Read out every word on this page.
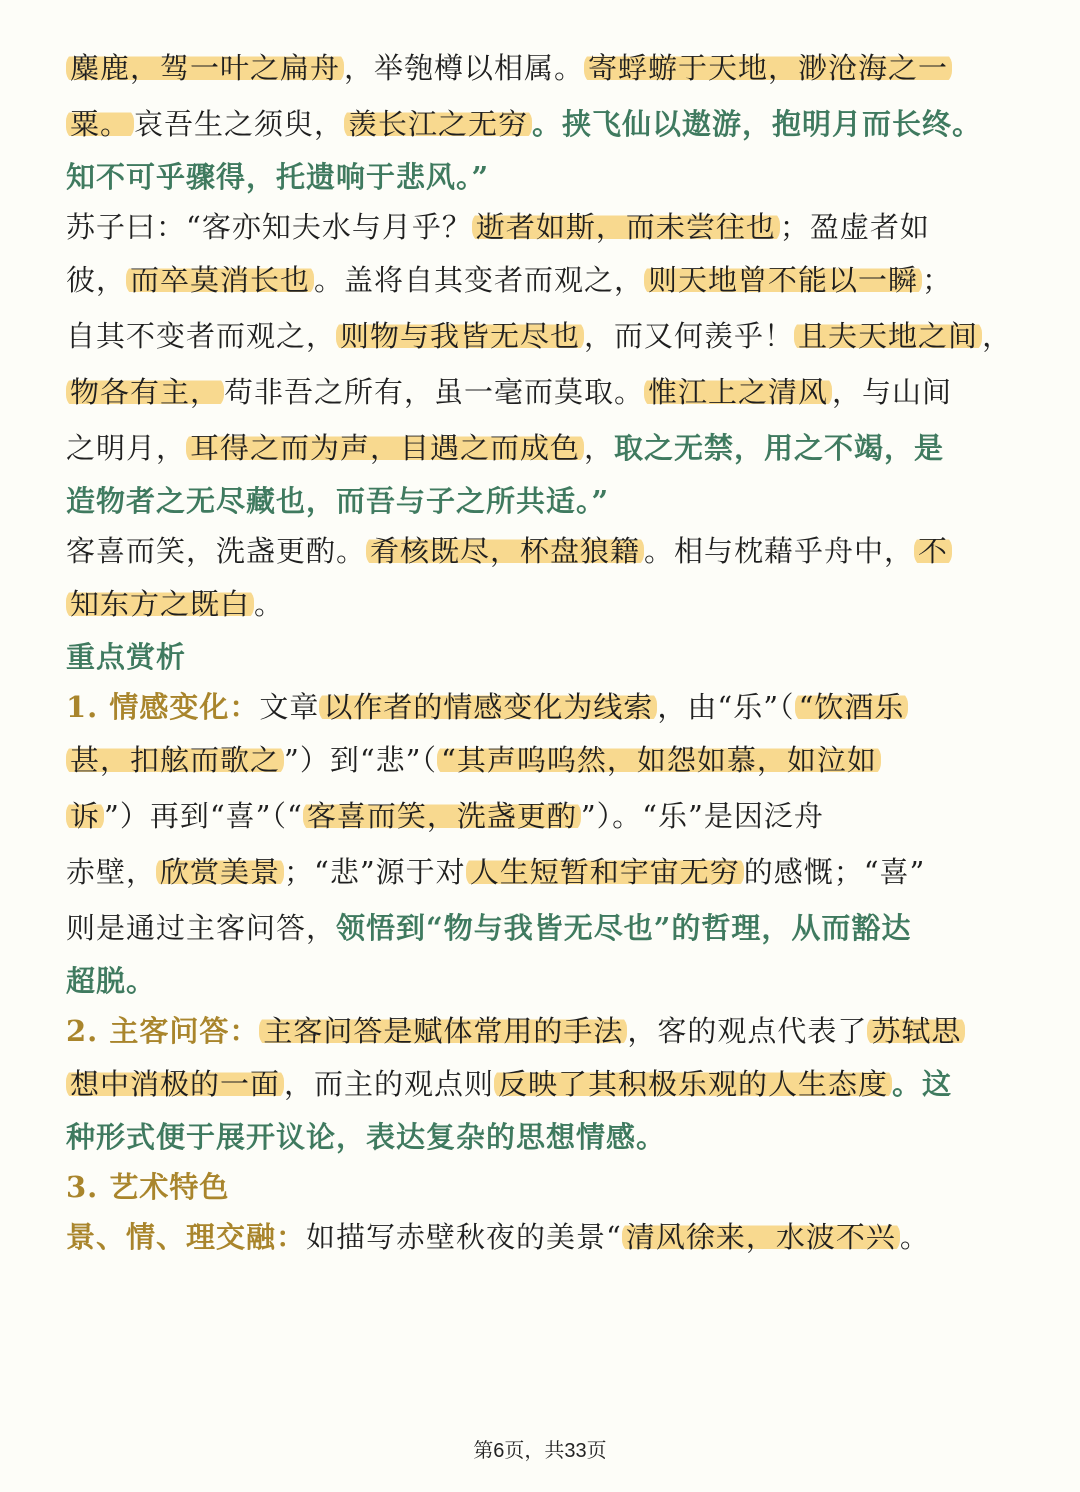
麋鹿，驾一叶之扁舟 ，举匏樽以相属。 寄蜉蝣于天地，渺沧海之一
粟。 哀吾生之须臾， 羡长江之无穷 。挟飞仙以遨游，抱明月而长终。
知不可乎骤得，托遗响于悲风。”
苏子曰：“客亦知夫水与月乎？ 逝者如斯，而未尝往也 ；盈虚者如
彼， 而卒莫消长也 。盖将自其变者而观之， 则天地曾不能以一瞬 ；
自其不变者而观之， 则物与我皆无尽也 ，而又何羡乎！ 且夫天地之间 ，
物各有主， 苟非吾之所有，虽一毫而莫取。 惟江上之清风 ，与山间
之明月， 耳得之而为声，目遇之而成色 ，取之无禁，用之不竭，是
造物者之无尽藏也，而吾与子之所共适。”
客喜而笑，洗盏更酌。 肴核既尽，杯盘狼籍 。相与枕藉乎舟中， 不
知东方之既白 。
重点赏析
1. 情感变化：文章 以作者的情感变化为线索 ，由“乐”（ “饮酒乐
甚，扣舷而歌之 ”）到“悲”（ “其声呜呜然，如怨如慕，如泣如
诉 ”）再到“喜”（“ 客喜而笑，洗盏更酌 ”）。“乐”是因泛舟
赤壁， 欣赏美景 ；“悲”源于对 人生短暂和宇宙无穷 的感慨；“喜”
则是通过主客问答，领悟到“物与我皆无尽也”的哲理，从而豁达
超脱。
2. 主客问答： 主客问答是赋体常用的手法 ，客的观点代表了 苏轼思
想中消极的一面 ，而主的观点则 反映了其积极乐观的人生态度 。这
种形式便于展开议论，表达复杂的思想情感。
3. 艺术特色
景、情、理交融：如描写赤壁秋夜的美景“ 清风徐来，水波不兴 。
第6页，共33页
